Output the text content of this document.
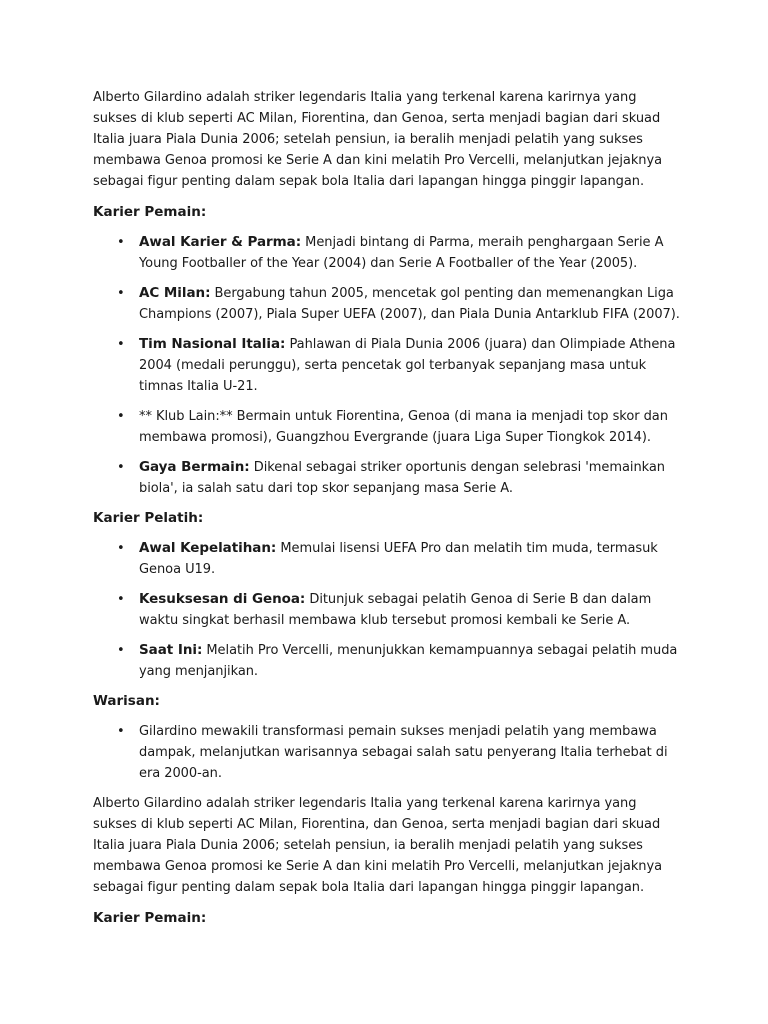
Alberto Gilardino adalah striker legendaris Italia yang terkenal karena karirnya yang sukses di klub seperti AC Milan, Fiorentina, dan Genoa, serta menjadi bagian dari skuad Italia juara Piala Dunia 2006; setelah pensiun, ia beralih menjadi pelatih yang sukses membawa Genoa promosi ke Serie A dan kini melatih Pro Vercelli, melanjutkan jejaknya sebagai figur penting dalam sepak bola Italia dari lapangan hingga pinggir lapangan.

Karier Pemain:
• Awal Karier & Parma: Menjadi bintang di Parma, meraih penghargaan Serie A Young Footballer of the Year (2004) dan Serie A Footballer of the Year (2005).
• AC Milan: Bergabung tahun 2005, mencetak gol penting dan memenangkan Liga Champions (2007), Piala Super UEFA (2007), dan Piala Dunia Antarklub FIFA (2007).
• Tim Nasional Italia: Pahlawan di Piala Dunia 2006 (juara) dan Olimpiade Athena 2004 (medali perunggu), serta pencetak gol terbanyak sepanjang masa untuk timnas Italia U-21.
• ** Klub Lain:** Bermain untuk Fiorentina, Genoa (di mana ia menjadi top skor dan membawa promosi), Guangzhou Evergrande (juara Liga Super Tiongkok 2014).
• Gaya Bermain: Dikenal sebagai striker oportunis dengan selebrasi 'memainkan biola', ia salah satu dari top skor sepanjang masa Serie A.
Karier Pelatih:
• Awal Kepelatihan: Memulai lisensi UEFA Pro dan melatih tim muda, termasuk Genoa U19.
• Kesuksesan di Genoa: Ditunjuk sebagai pelatih Genoa di Serie B dan dalam waktu singkat berhasil membawa klub tersebut promosi kembali ke Serie A.
• Saat Ini: Melatih Pro Vercelli, menunjukkan kemampuannya sebagai pelatih muda yang menjanjikan.
Warisan:
• Gilardino mewakili transformasi pemain sukses menjadi pelatih yang membawa dampak, melanjutkan warisannya sebagai salah satu penyerang Italia terhebat di era 2000-an.

Alberto Gilardino adalah striker legendaris Italia yang terkenal karena karirnya yang sukses di klub seperti AC Milan, Fiorentina, dan Genoa, serta menjadi bagian dari skuad Italia juara Piala Dunia 2006; setelah pensiun, ia beralih menjadi pelatih yang sukses membawa Genoa promosi ke Serie A dan kini melatih Pro Vercelli, melanjutkan jejaknya sebagai figur penting dalam sepak bola Italia dari lapangan hingga pinggir lapangan.

Karier Pemain:
